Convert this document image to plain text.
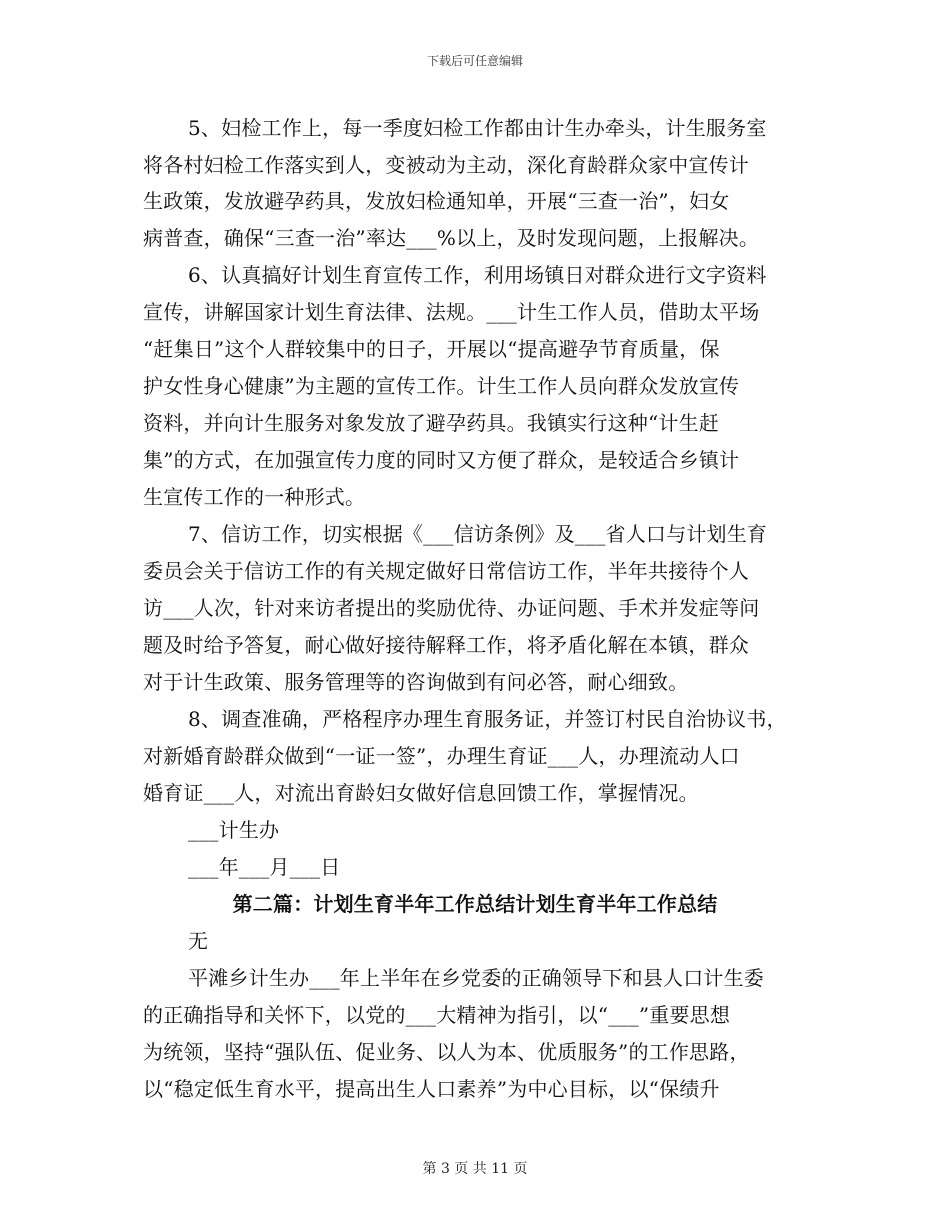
下载后可任意编辑
5、妇检工作上，每一季度妇检工作都由计生办牵头，计生服务室
将各村妇检工作落实到人，变被动为主动，深化育龄群众家中宣传计
生政策，发放避孕药具，发放妇检通知单，开展“三查一治”，妇女
病普查，确保“三查一治”率达___%以上，及时发现问题，上报解决。
6、认真搞好计划生育宣传工作，利用场镇日对群众进行文字资料
宣传，讲解国家计划生育法律、法规。___计生工作人员，借助太平场
“赶集日”这个人群较集中的日子，开展以“提高避孕节育质量，保
护女性身心健康”为主题的宣传工作。计生工作人员向群众发放宣传
资料，并向计生服务对象发放了避孕药具。我镇实行这种“计生赶
集”的方式，在加强宣传力度的同时又方便了群众，是较适合乡镇计
生宣传工作的一种形式。
7、信访工作，切实根据《___信访条例》及___省人口与计划生育
委员会关于信访工作的有关规定做好日常信访工作，半年共接待个人
访___人次，针对来访者提出的奖励优待、办证问题、手术并发症等问
题及时给予答复，耐心做好接待解释工作，将矛盾化解在本镇，群众
对于计生政策、服务管理等的咨询做到有问必答，耐心细致。
8、调查准确，严格程序办理生育服务证，并签订村民自治协议书，
对新婚育龄群众做到“一证一签”，办理生育证___人，办理流动人口
婚育证___人，对流出育龄妇女做好信息回馈工作，掌握情况。
___计生办
___年___月___日
第二篇：计划生育半年工作总结计划生育半年工作总结
无
平滩乡计生办___年上半年在乡党委的正确领导下和县人口计生委
的正确指导和关怀下，以党的___大精神为指引，以“___”重要思想
为统领，坚持“强队伍、促业务、以人为本、优质服务”的工作思路，
以“稳定低生育水平，提高出生人口素养”为中心目标，以“保绩升
第 3 页 共 11 页
